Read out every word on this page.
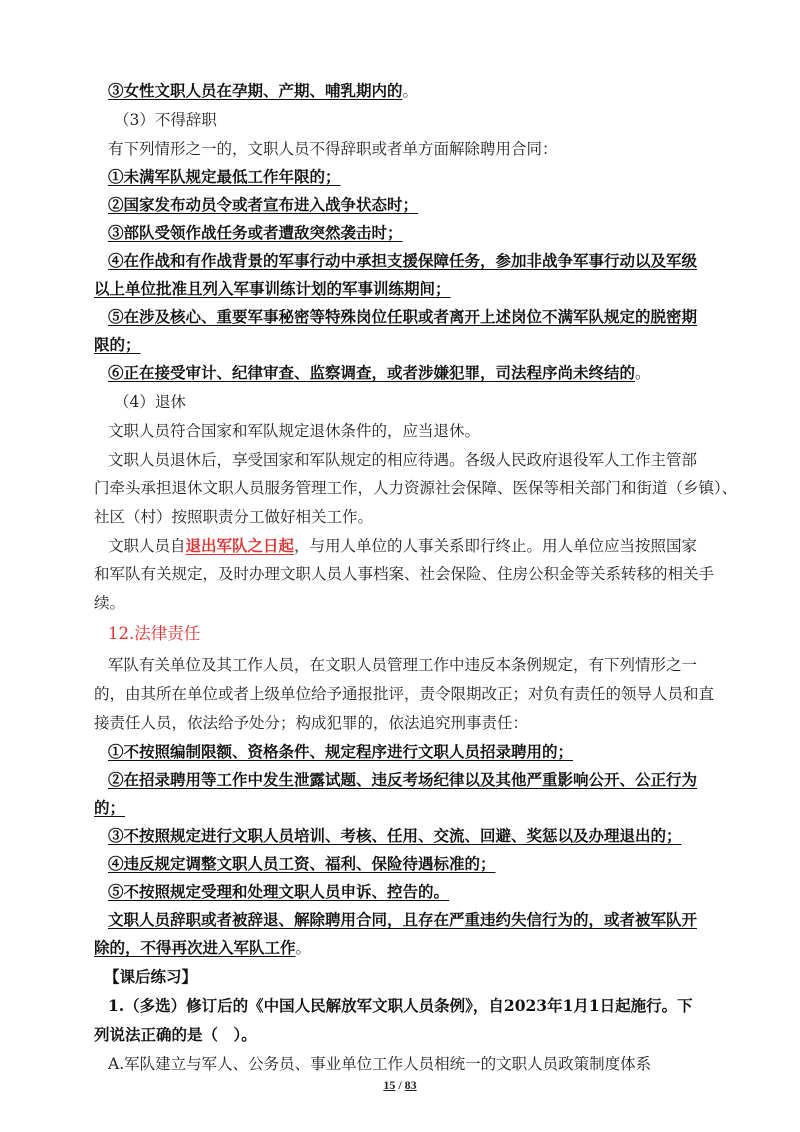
③女性文职人员在孕期、产期、哺乳期内的。
（3）不得辞职
有下列情形之一的，文职人员不得辞职或者单方面解除聘用合同：
①未满军队规定最低工作年限的；
②国家发布动员令或者宣布进入战争状态时；
③部队受领作战任务或者遭敌突然袭击时；
④在作战和有作战背景的军事行动中承担支援保障任务，参加非战争军事行动以及军级
以上单位批准且列入军事训练计划的军事训练期间；
⑤在涉及核心、重要军事秘密等特殊岗位任职或者离开上述岗位不满军队规定的脱密期
限的；
⑥正在接受审计、纪律审查、监察调查，或者涉嫌犯罪，司法程序尚未终结的。
（4）退休
文职人员符合国家和军队规定退休条件的，应当退休。
文职人员退休后，享受国家和军队规定的相应待遇。各级人民政府退役军人工作主管部
门牵头承担退休文职人员服务管理工作，人力资源社会保障、医保等相关部门和街道（乡镇）、
社区（村）按照职责分工做好相关工作。
文职人员自退出军队之日起，与用人单位的人事关系即行终止。用人单位应当按照国家
和军队有关规定，及时办理文职人员人事档案、社会保险、住房公积金等关系转移的相关手
续。
12.法律责任
军队有关单位及其工作人员，在文职人员管理工作中违反本条例规定，有下列情形之一
的，由其所在单位或者上级单位给予通报批评，责令限期改正；对负有责任的领导人员和直
接责任人员，依法给予处分；构成犯罪的，依法追究刑事责任：
①不按照编制限额、资格条件、规定程序进行文职人员招录聘用的；
②在招录聘用等工作中发生泄露试题、违反考场纪律以及其他严重影响公开、公正行为
的；
③不按照规定进行文职人员培训、考核、任用、交流、回避、奖惩以及办理退出的；
④违反规定调整文职人员工资、福利、保险待遇标准的；
⑤不按照规定受理和处理文职人员申诉、控告的。
文职人员辞职或者被辞退、解除聘用合同，且存在严重违约失信行为的，或者被军队开
除的，不得再次进入军队工作。
【课后练习】
1.（多选）修订后的《中国人民解放军文职人员条例》，自2023年1月1日起施行。下
列说法正确的是（　）。
A.军队建立与军人、公务员、事业单位工作人员相统一的文职人员政策制度体系
15 / 83
